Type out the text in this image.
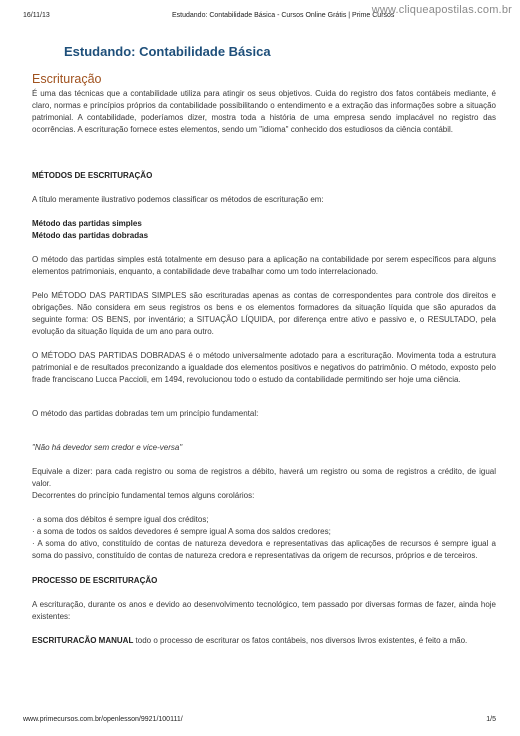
16/11/13	Estudando: Contabilidade Básica - Cursos Online Grátis | Prime Cursos
www.cliqueapostilas.com.br
Estudando: Contabilidade Básica
Escrituração

É uma das técnicas que a contabilidade utiliza para atingir os seus objetivos. Cuida do registro dos fatos contábeis mediante, é claro, normas e princípios próprios da contabilidade possibilitando o entendimento e a extração das informações sobre a situação patrimonial. A contabilidade, poderíamos dizer, mostra toda a história de uma empresa sendo implacável no registro das ocorrências. A escrituração fornece estes elementos, sendo um "idioma" conhecido dos estudiosos da ciência contábil.

MÉTODOS DE ESCRITURAÇÃO

A título meramente ilustrativo podemos classificar os métodos de escrituração em:

Método das partidas simples

Método das partidas dobradas

O método das partidas simples está totalmente em desuso para a aplicação na contabilidade por serem específicos para alguns elementos patrimoniais, enquanto, a contabilidade deve trabalhar como um todo interrelacionado.

Pelo MÉTODO DAS PARTIDAS SIMPLES são escrituradas apenas as contas de correspondentes para controle dos direitos e obrigações. Não considera em seus registros os bens e os elementos formadores da situação líquida que são apurados da seguinte forma: OS BENS, por inventário; a SITUAÇÃO LÍQUIDA, por diferença entre ativo e passivo e, o RESULTADO, pela evolução da situação líquida de um ano para outro.

O MÉTODO DAS PARTIDAS DOBRADAS é o método universalmente adotado para a escrituração. Movimenta toda a estrutura patrimonial e de resultados preconizando a igualdade dos elementos positivos e negativos do patrimônio. O método, exposto pelo frade franciscano Lucca Paccioli, em 1494, revolucionou todo o estudo da contabilidade permitindo ser hoje uma ciência.

O método das partidas dobradas tem um princípio fundamental:

"Não há devedor sem credor e vice-versa"

Equivale a dizer: para cada registro ou soma de registros a débito, haverá um registro ou soma de registros a crédito, de igual valor.

Decorrentes do princípio fundamental temos alguns corolários:

· a soma dos débitos é sempre igual dos créditos;

· a soma de todos os saldos devedores é sempre igual A soma dos saldos credores;

· A soma do ativo, constituído de contas de natureza devedora e representativas das aplicações de recursos é sempre igual a soma do passivo, constituído de contas de natureza credora e representativas da origem de recursos, próprios e de terceiros.

PROCESSO DE ESCRITURAÇÃO

A escrituração, durante os anos e devido ao desenvolvimento tecnológico, tem passado por diversas formas de fazer, ainda hoje existentes:

ESCRITURACÃO MANUAL todo o processo de escriturar os fatos contábeis, nos diversos livros existentes, é feito a mão.

www.primecursos.com.br/openlesson/9921/100111/	1/5
